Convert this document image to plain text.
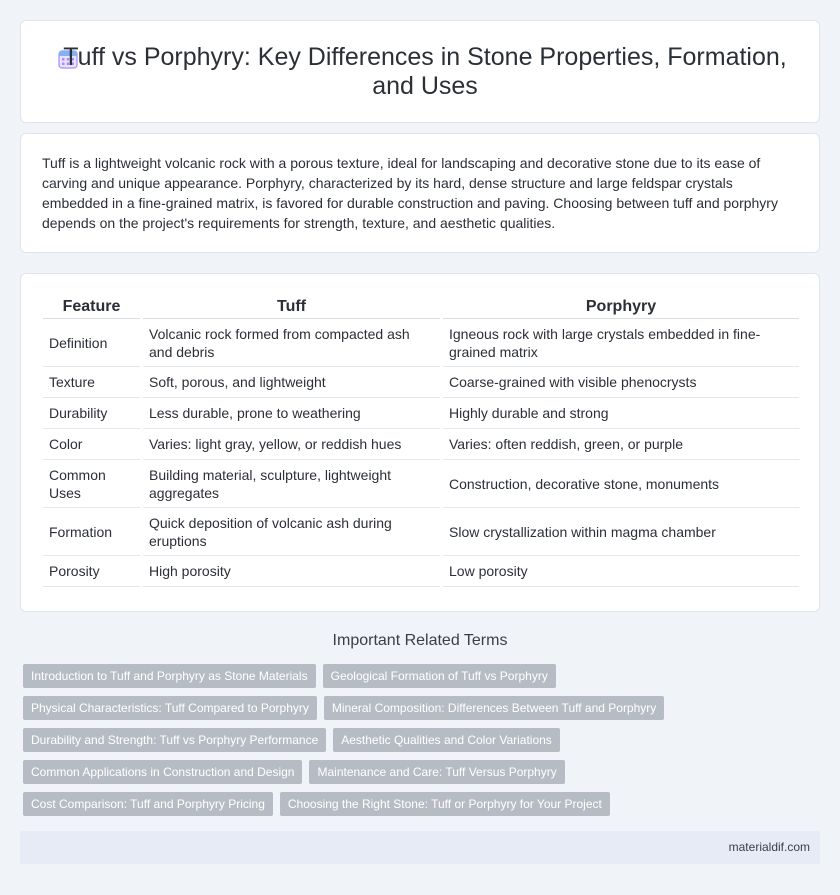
Tuff vs Porphyry: Key Differences in Stone Properties, Formation, and Uses

Tuff is a lightweight volcanic rock with a porous texture, ideal for landscaping and decorative stone due to its ease of carving and unique appearance. Porphyry, characterized by its hard, dense structure and large feldspar crystals embedded in a fine-grained matrix, is favored for durable construction and paving. Choosing between tuff and porphyry depends on the project's requirements for strength, texture, and aesthetic qualities.

Feature		Tuff		Porphyry
Definition		Volcanic rock formed from compacted ash and debris		Igneous rock with large crystals embedded in fine-grained matrix
Texture		Soft, porous, and lightweight		Coarse-grained with visible phenocrysts
Durability		Less durable, prone to weathering		Highly durable and strong
Color		Varies: light gray, yellow, or reddish hues		Varies: often reddish, green, or purple
Common Uses		Building material, sculpture, lightweight aggregates		Construction, decorative stone, monuments
Formation		Quick deposition of volcanic ash during eruptions		Slow crystallization within magma chamber
Porosity		High porosity		Low porosity
Important Related Terms
Introduction to Tuff and Porphyry as Stone Materials	Geological Formation of Tuff vs Porphyry
Physical Characteristics: Tuff Compared to Porphyry	Mineral Composition: Differences Between Tuff and Porphyry
Durability and Strength: Tuff vs Porphyry Performance	Aesthetic Qualities and Color Variations
Common Applications in Construction and Design	Maintenance and Care: Tuff Versus Porphyry
Cost Comparison: Tuff and Porphyry Pricing	Choosing the Right Stone: Tuff or Porphyry for Your Project
materialdif.com
